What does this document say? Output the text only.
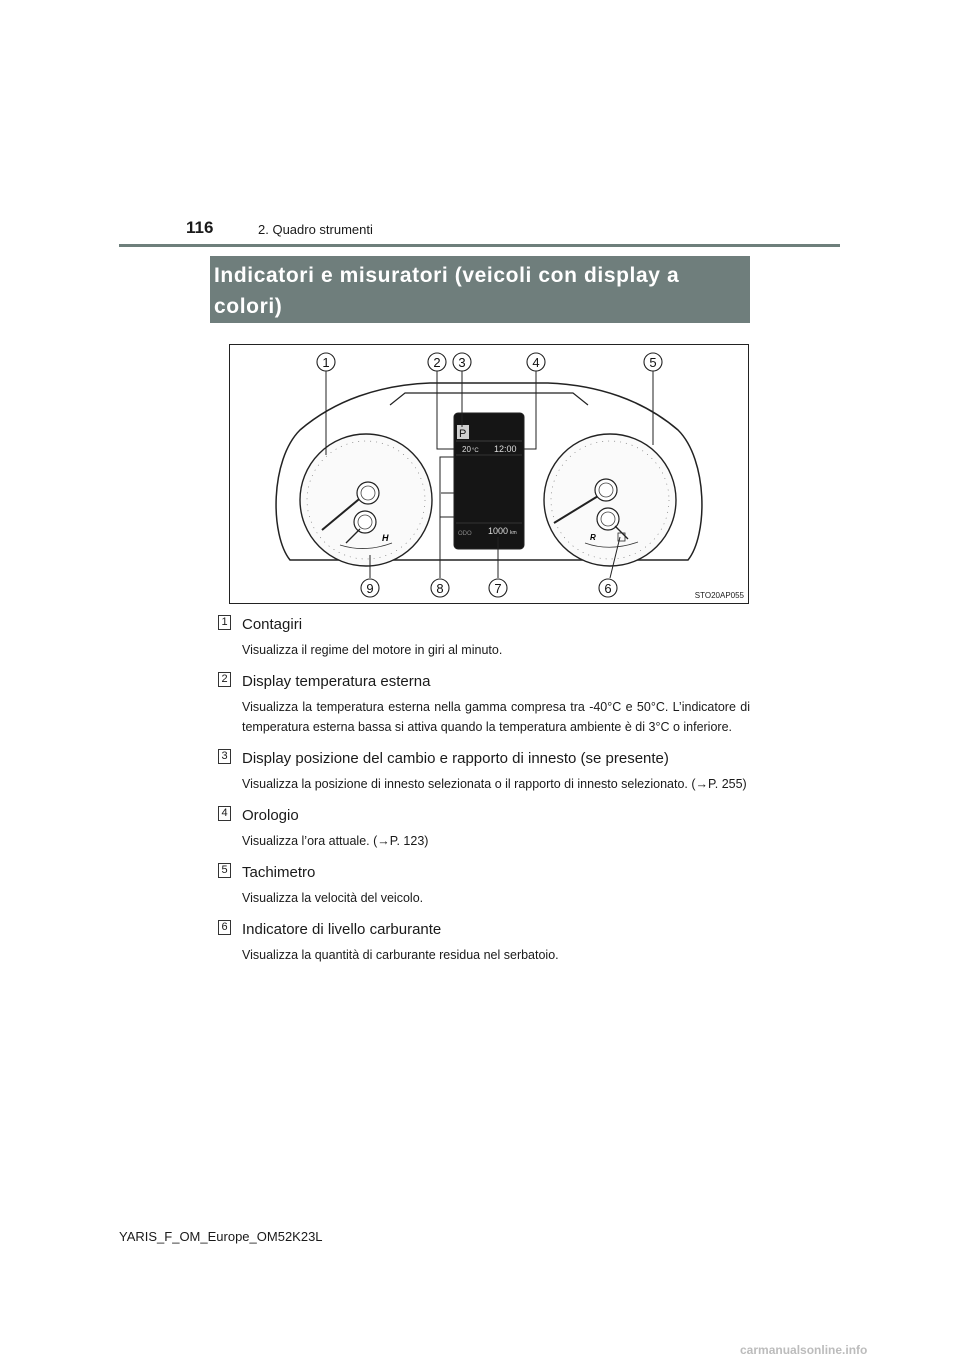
116	2. Quadro strumenti
Indicatori e misuratori (veicoli con display a
colori)
H	R
P
20 °C 12:00
ODO 1000 km
1	2 3	4	5
9	8	7	6	STO20AP055
1 Contagiri
Visualizza il regime del motore in giri al minuto.
2 Display temperatura esterna
Visualizza la temperatura esterna nella gamma compresa tra -40°C e 50°C. L’indicatore di temperatura esterna bassa si attiva quando la temperatura ambiente è di 3°C o inferiore.
3 Display posizione del cambio e rapporto di innesto (se presente)
Visualizza la posizione di innesto selezionata o il rapporto di innesto selezionato. (→P. 255)
4 Orologio
Visualizza l’ora attuale. (→P. 123)
5 Tachimetro
Visualizza la velocità del veicolo.
6 Indicatore di livello carburante
Visualizza la quantità di carburante residua nel serbatoio.
YARIS_F_OM_Europe_OM52K23L
carmanualsonline.info
